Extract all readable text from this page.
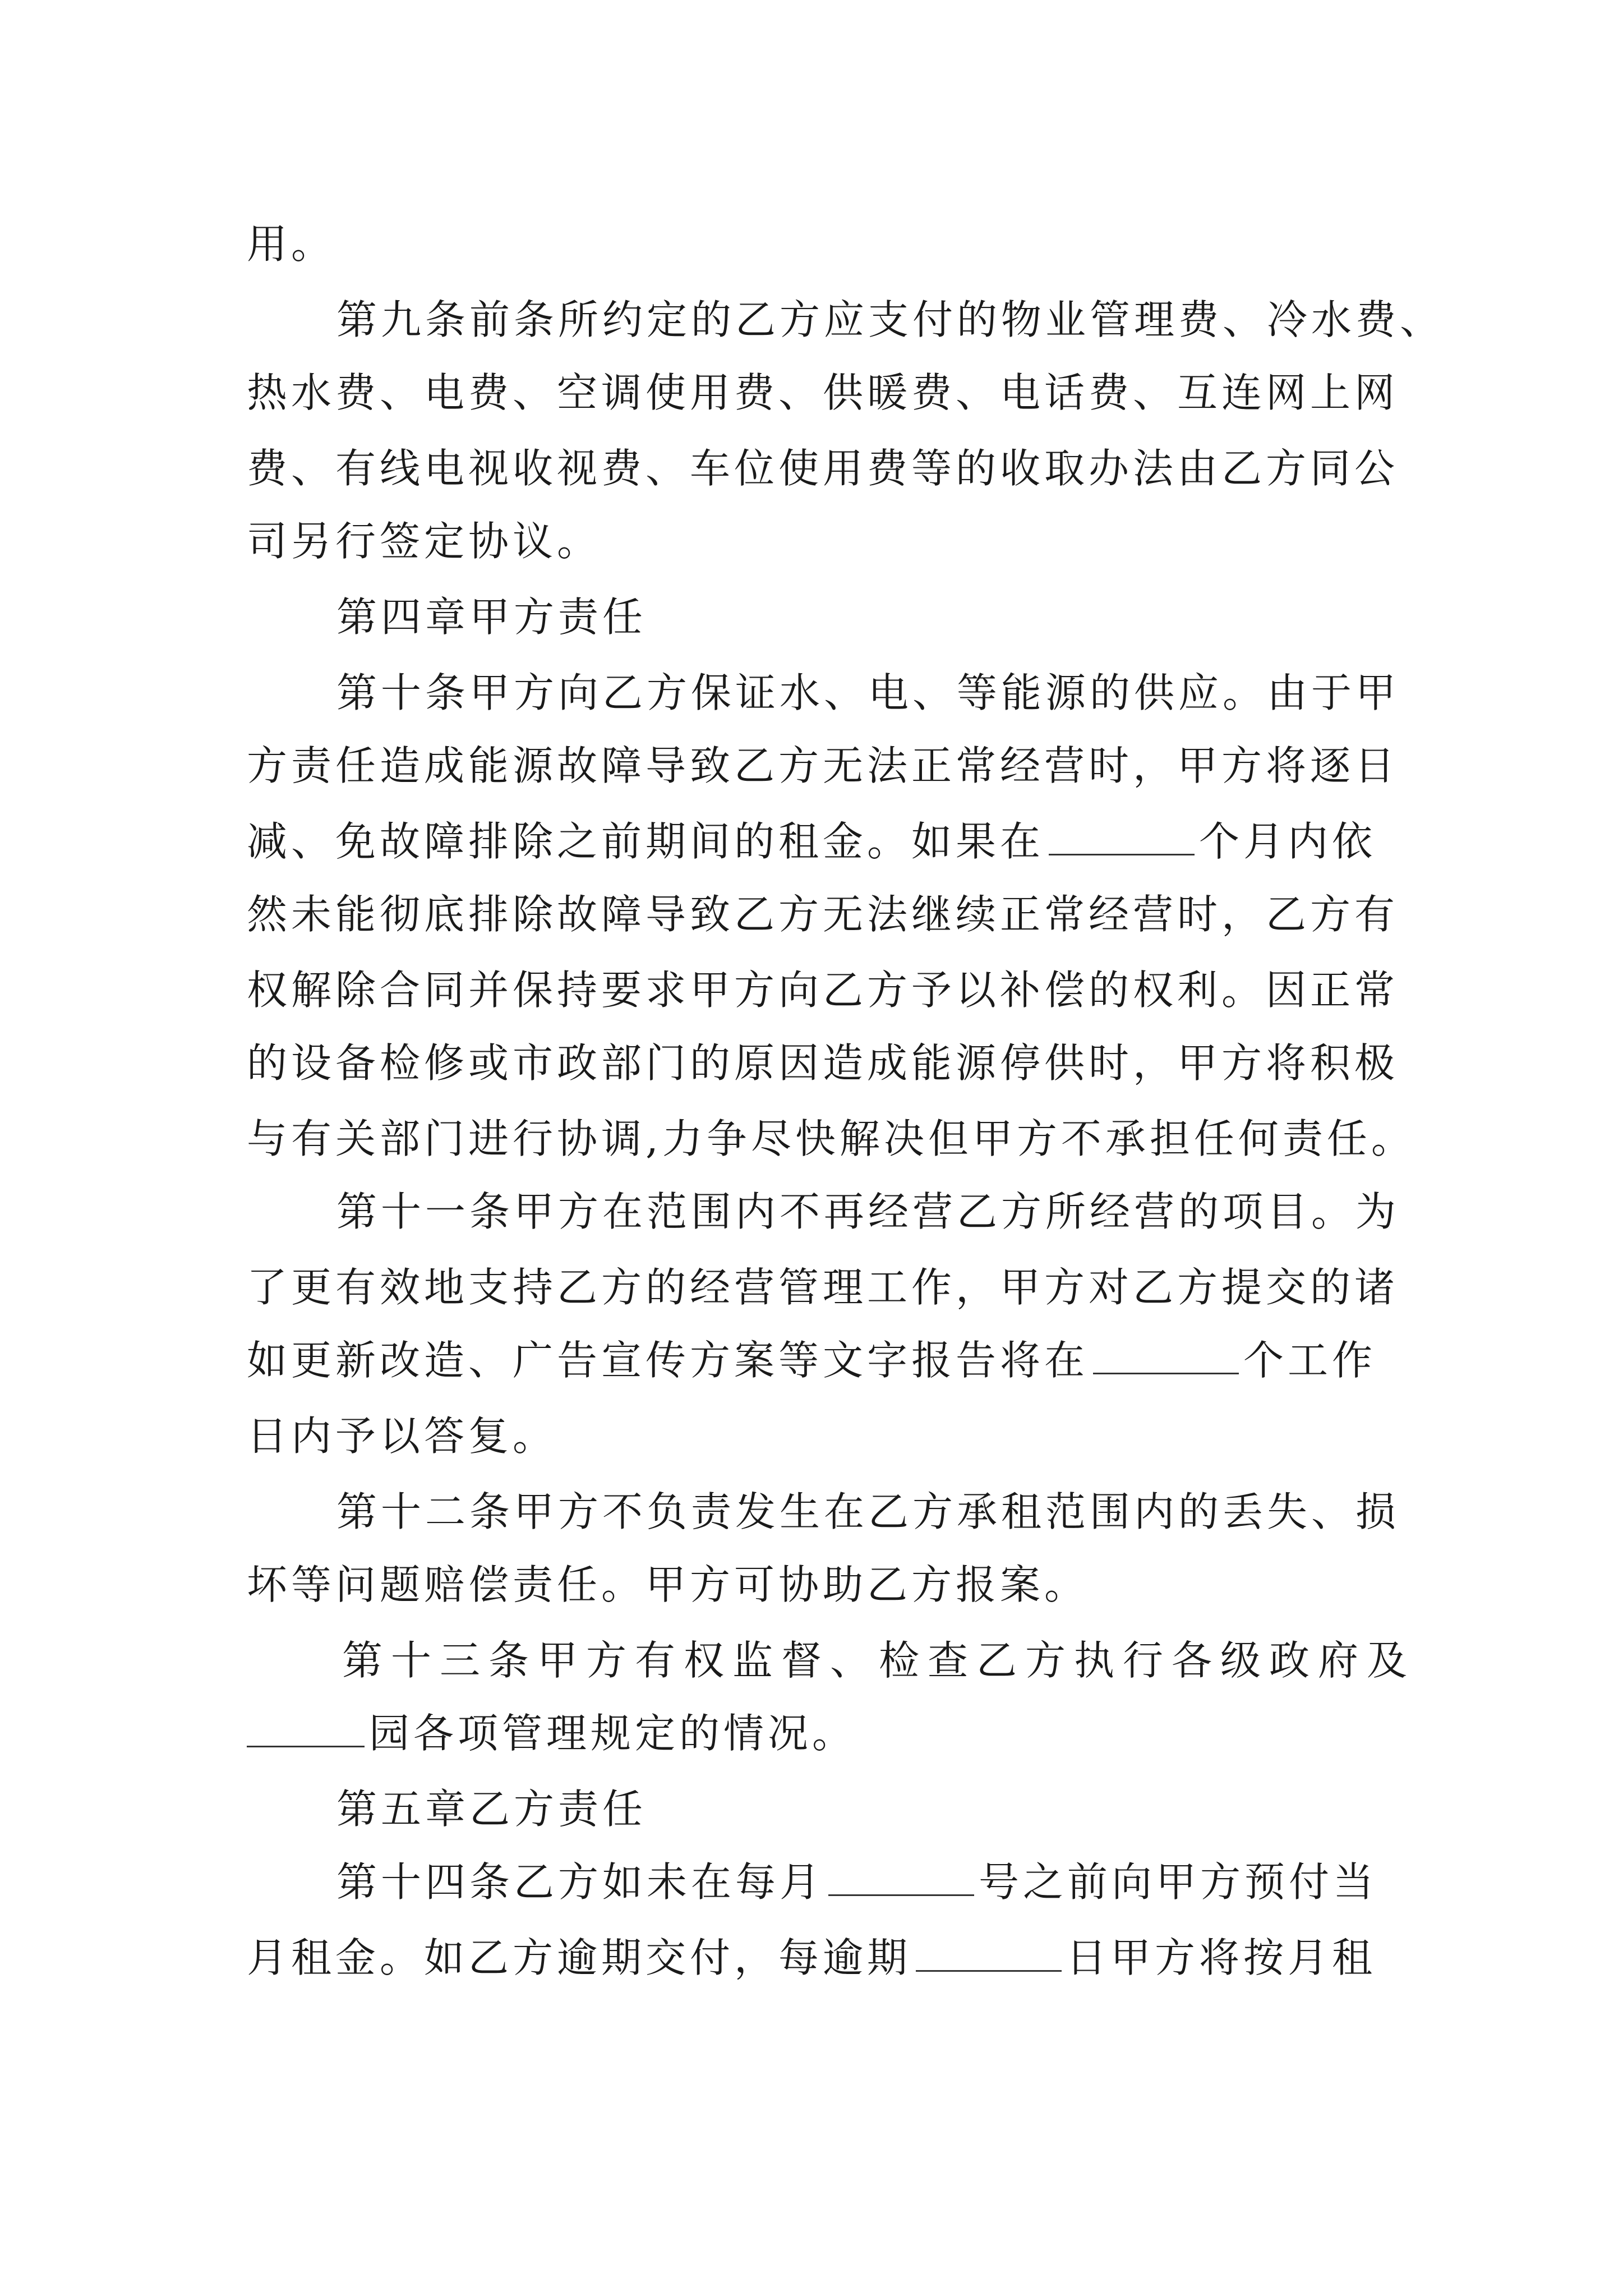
用。
第九条前条所约定的乙方应支付的物业管理费、冷水费、
热水费、电费、空调使用费、供暖费、电话费、互连网上网
费、有线电视收视费、车位使用费等的收取办法由乙方同公
司另行签定协议。
第四章甲方责任
第十条甲方向乙方保证水、电、等能源的供应。由于甲
方责任造成能源故障导致乙方无法正常经营时，甲方将逐日
减、免故障排除之前期间的租金。如果在	个月内依
然未能彻底排除故障导致乙方无法继续正常经营时，乙方有
权解除合同并保持要求甲方向乙方予以补偿的权利。因正常
的设备检修或市政部门的原因造成能源停供时，甲方将积极
与有关部门进行协调,力争尽快解决但甲方不承担任何责任。
第十一条甲方在范围内不再经营乙方所经营的项目。为
了更有效地支持乙方的经营管理工作，甲方对乙方提交的诸
如更新改造、广告宣传方案等文字报告将在	个工作
日内予以答复。
第十二条甲方不负责发生在乙方承租范围内的丢失、损
坏等问题赔偿责任。甲方可协助乙方报案。
第十三条甲方有权监督、检查乙方执行各级政府及
园各项管理规定的情况。
第五章乙方责任
第十四条乙方如未在每月	号之前向甲方预付当
月租金。如乙方逾期交付，每逾期	日甲方将按月租
